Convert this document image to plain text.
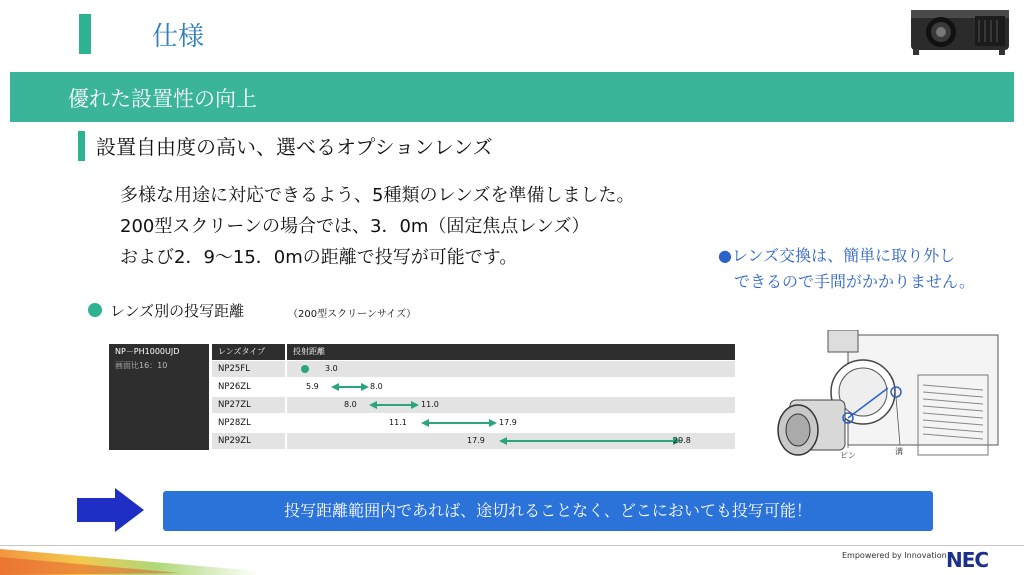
仕様
優れた設置性の向上
設置自由度の高い、選べるオプションレンズ
多様な用途に対応できるよう、5種類のレンズを準備しました。
200型スクリーンの場合では、3．0m（固定焦点レンズ）
および2．9～15．0mの距離で投写が可能です。	●レンズ交換は、簡単に取り外し
　できるので手間がかかりません。
レンズ別の投写距離	（200型スクリーンサイズ）
NP－PH1000UJD
画面比16：10
レンズタイプ	投射距離
NP25FL	3.0
NP26ZL	5.9	8.0
NP27ZL	8.0	11.0
NP28ZL	11.1	17.9
NP29ZL	17.9	29.8
ピン	溝
投写距離範囲内であれば、途切れることなく、どこにおいても投写可能！
Empowered by Innovation NEC
